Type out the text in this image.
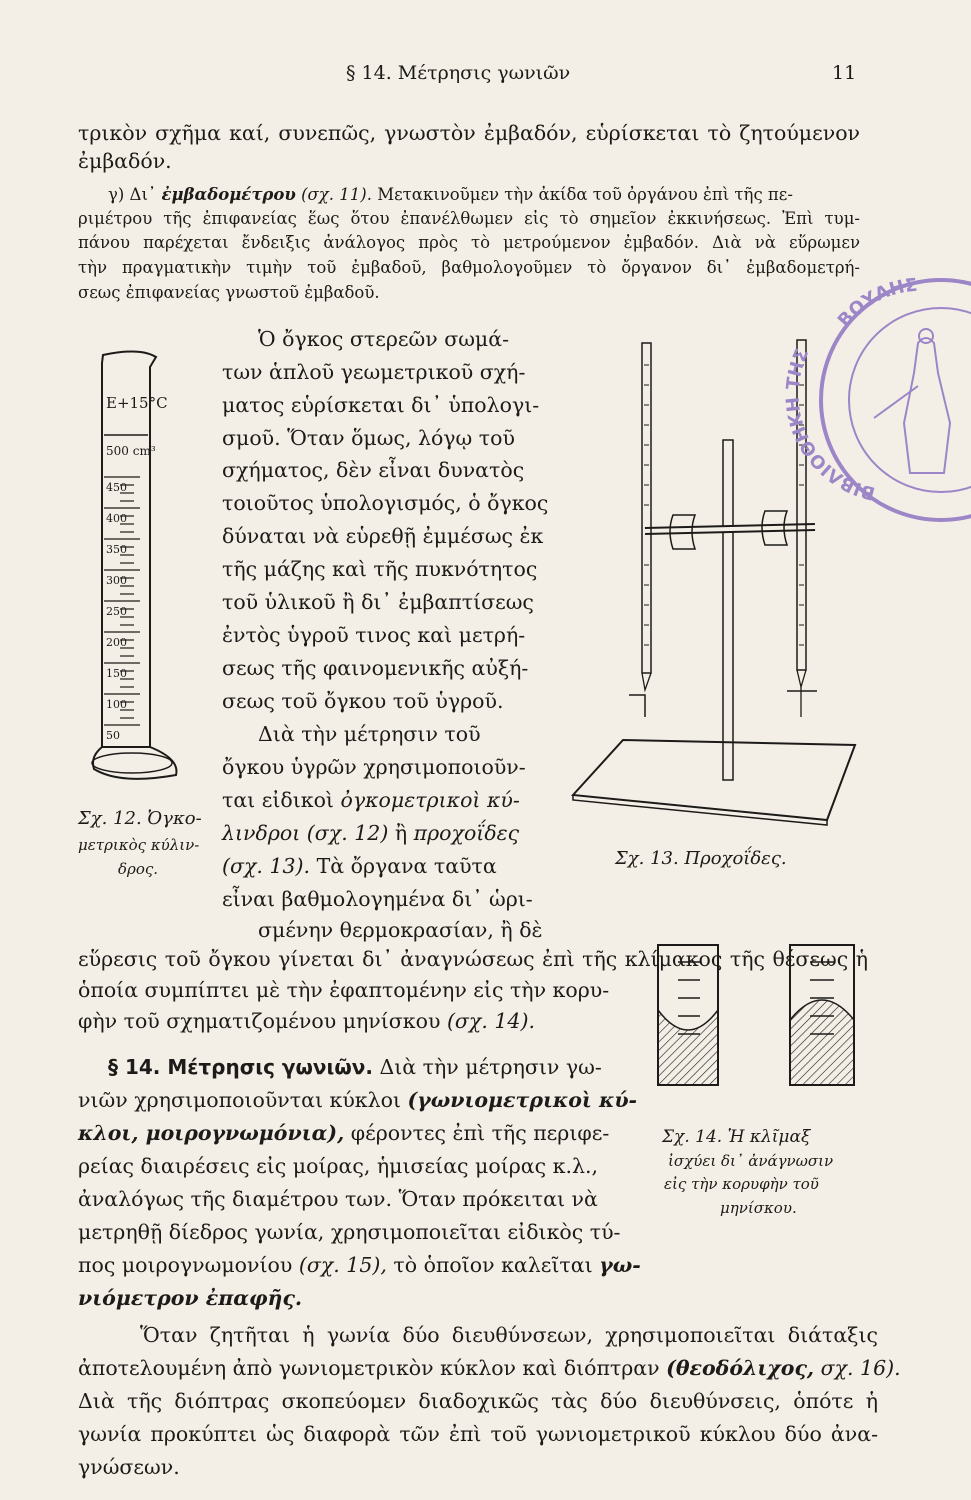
§ 14. Μέτρησις γωνιῶν	11
τρικὸν σχῆμα καί, συνεπῶς, γνωστὸν ἐμβαδόν, εὑρίσκεται τὸ ζητούμενον
ἐμβαδόν.
γ) Δι᾿ ἐμβαδομέτρου (σχ. 11). Μετακινοῦμεν τὴν ἀκίδα τοῦ ὀργάνου ἐπὶ τῆς πε-
ριμέτρου τῆς ἐπιφανείας ἕως ὅτου ἐπανέλθωμεν εἰς τὸ σημεῖον ἐκκινήσεως. Ἐπὶ τυμ-
πάνου παρέχεται ἔνδειξις ἀνάλογος πρὸς τὸ μετρούμενον ἐμβαδόν. Διὰ νὰ εὕρωμεν
τὴν πραγματικὴν τιμὴν τοῦ ἐμβαδοῦ, βαθμολογοῦμεν τὸ ὄργανον δι᾿ ἐμβαδομετρή-
σεως ἐπιφανείας γνωστοῦ ἐμβαδοῦ.
Ὁ ὄγκος στερεῶν σωμά-
των ἁπλοῦ γεωμετρικοῦ σχή-
ματος εὑρίσκεται δι᾿ ὑπολογι-
σμοῦ. Ὅταν ὅμως, λόγῳ τοῦ
σχήματος, δὲν εἶναι δυνατὸς
τοιοῦτος ὑπολογισμός, ὁ ὄγκος
δύναται νὰ εὑρεθῇ ἐμμέσως ἐκ
τῆς μάζης καὶ τῆς πυκνότητος
τοῦ ὑλικοῦ ἢ δι᾿ ἐμβαπτίσεως
ἐντὸς ὑγροῦ τινος καὶ μετρή-
σεως τῆς φαινομενικῆς αὐξή-
σεως τοῦ ὄγκου τοῦ ὑγροῦ.
Διὰ τὴν μέτρησιν τοῦ
ὄγκου ὑγρῶν χρησιμοποιοῦν-
ται εἰδικοὶ ὀγκομετρικοὶ κύ-
λινδροι (σχ. 12) ἢ προχοΐδες
(σχ. 13). Τὰ ὄργανα ταῦτα
εἶναι βαθμολογημένα δι᾿ ὡρι-
σμένην θερμοκρασίαν, ἢ δὲ
εὕρεσις τοῦ ὄγκου γίνεται δι᾿ ἀναγνώσεως ἐπὶ τῆς κλίμακος τῆς θέσεως ἡ
ὁποία συμπίπτει μὲ τὴν ἐφαπτομένην εἰς τὴν κορυ-
φὴν τοῦ σχηματιζομένου μηνίσκου (σχ. 14).
§ 14. Μέτρησις γωνιῶν. Διὰ τὴν μέτρησιν γω-
νιῶν χρησιμοποιοῦνται κύκλοι (γωνιομετρικοὶ κύ-
κλοι, μοιρογνωμόνια), φέροντες ἐπὶ τῆς περιφε-
ρείας διαιρέσεις εἰς μοίρας, ἡμισείας μοίρας κ.λ.,
ἀναλόγως τῆς διαμέτρου των. Ὅταν πρόκειται νὰ
μετρηθῇ δίεδρος γωνία, χρησιμοποιεῖται εἰδικὸς τύ-
πος μοιρογνωμονίου (σχ. 15), τὸ ὁποῖον καλεῖται γω-
νιόμετρον ἐπαφῆς.
Ὅταν ζητῆται ἡ γωνία δύο διευθύνσεων, χρησιμοποιεῖται διάταξις
ἀποτελουμένη ἀπὸ γωνιομετρικὸν κύκλον καὶ διόπτραν (θεοδόλιχος, σχ. 16).
Διὰ τῆς διόπτρας σκοπεύομεν διαδοχικῶς τὰς δύο διευθύνσεις, ὁπότε ἡ
γωνία προκύπτει ὡς διαφορὰ τῶν ἐπὶ τοῦ γωνιομετρικοῦ κύκλου δύο ἀνα-
γνώσεων.
E+15°C
500 cm³
450
400
350
300
250
200
150
100
50
Σχ. 12. Ὀγκο-
μετρικὸς κύλιν-
δρος.	Σχ. 13. Προχοΐδες.
Σχ. 14. Ἡ κλῖμαξ
ἰσχύει δι᾿ ἀνάγνωσιν
εἰς τὴν κορυφὴν τοῦ
μηνίσκου.
ΒΟΥΛΗΣ
ΒΙΒΛΙΟΘΗΚΗ ΤΗΣ
